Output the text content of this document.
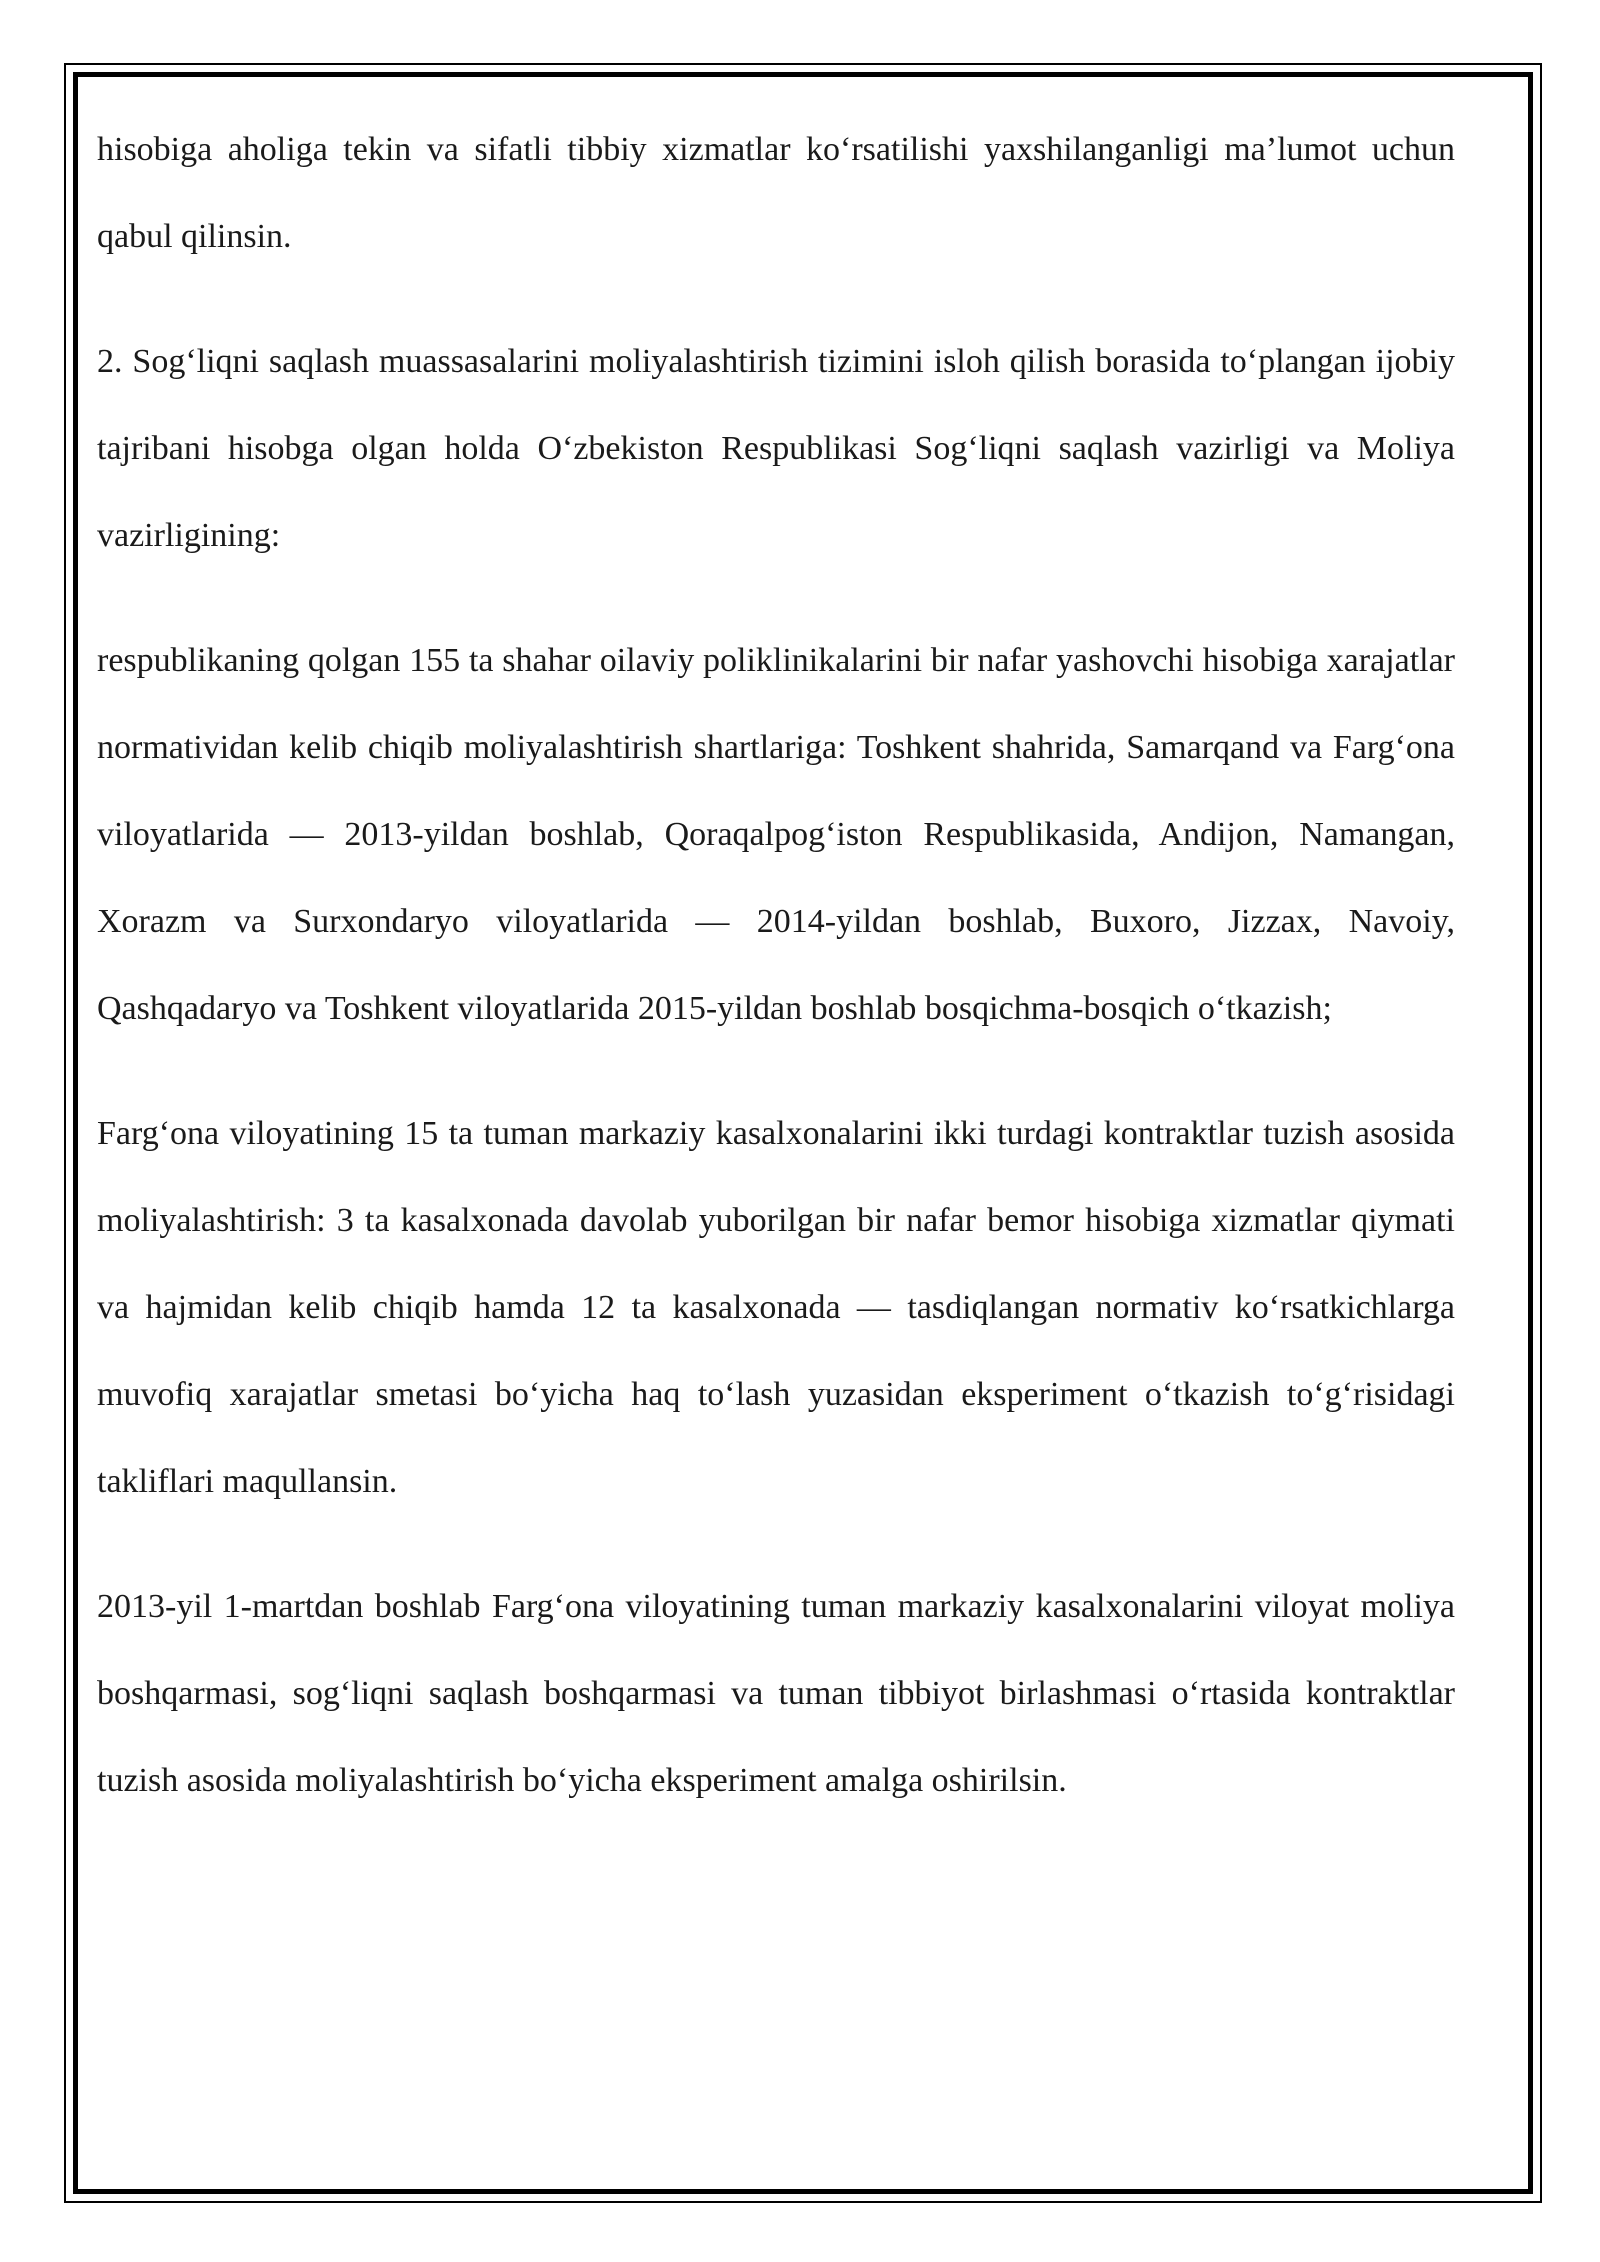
hisobiga aholiga tekin va sifatli tibbiy xizmatlar koʻrsatilishi yaxshilanganligi ma’lumot uchun qabul qilinsin.

2. Sogʻliqni saqlash muassasalarini moliyalashtirish tizimini isloh qilish borasida toʻplangan ijobiy tajribani hisobga olgan holda Oʻzbekiston Respublikasi Sogʻliqni saqlash vazirligi va Moliya vazirligining:

respublikaning qolgan 155 ta shahar oilaviy poliklinikalarini bir nafar yashovchi hisobiga xarajatlar normatividan kelib chiqib moliyalashtirish shartlariga: Toshkent shahrida, Samarqand va Fargʻona viloyatlarida — 2013-yildan boshlab, Qoraqalpogʻiston Respublikasida, Andijon, Namangan, Xorazm va Surxondaryo viloyatlarida — 2014-yildan boshlab, Buxoro, Jizzax, Navoiy, Qashqadaryo va Toshkent viloyatlarida 2015-yildan boshlab bosqichma-bosqich oʻtkazish;

Fargʻona viloyatining 15 ta tuman markaziy kasalxonalarini ikki turdagi kontraktlar tuzish asosida moliyalashtirish: 3 ta kasalxonada davolab yuborilgan bir nafar bemor hisobiga xizmatlar qiymati va hajmidan kelib chiqib hamda 12 ta kasalxonada — tasdiqlangan normativ koʻrsatkichlarga muvofiq xarajatlar smetasi boʻyicha haq toʻlash yuzasidan eksperiment oʻtkazish toʻgʻrisidagi takliflari maqullansin.

2013-yil 1-martdan boshlab Fargʻona viloyatining tuman markaziy kasalxonalarini viloyat moliya boshqarmasi, sogʻliqni saqlash boshqarmasi va tuman tibbiyot birlashmasi oʻrtasida kontraktlar tuzish asosida moliyalashtirish boʻyicha eksperiment amalga oshirilsin.
